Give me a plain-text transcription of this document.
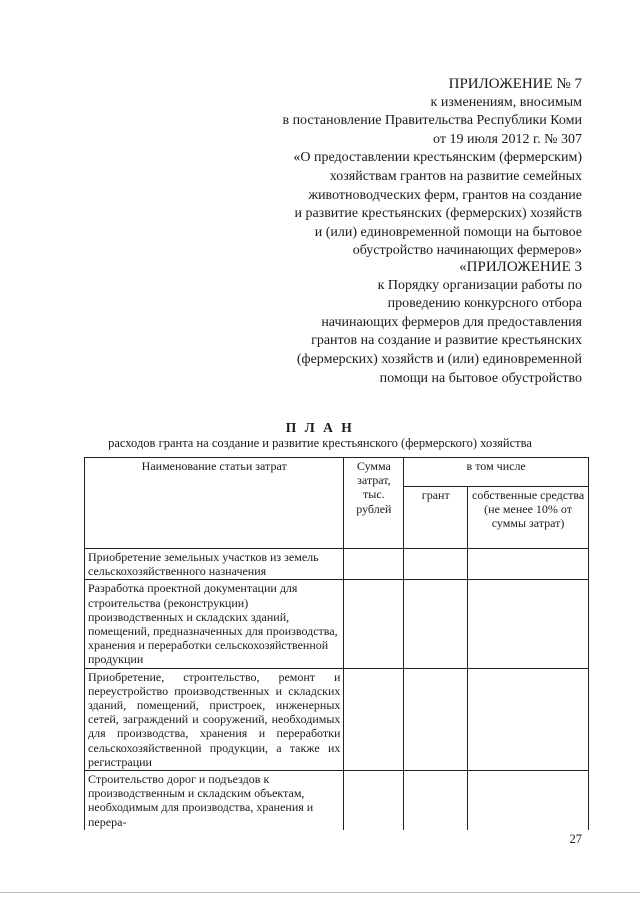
ПРИЛОЖЕНИЕ № 7
к изменениям, вносимым
в постановление Правительства Республики Коми
от 19 июля 2012 г. № 307
«О предоставлении крестьянским (фермерским)
хозяйствам грантов на развитие семейных
животноводческих ферм, грантов на создание
и развитие крестьянских (фермерских) хозяйств
и (или) единовременной помощи на бытовое
обустройство начинающих фермеров»
«ПРИЛОЖЕНИЕ 3
к Порядку организации работы по
проведению конкурсного отбора
начинающих фермеров для предоставления
грантов на создание и развитие крестьянских
(фермерских) хозяйств и (или) единовременной
помощи на бытовое обустройство
П Л А Н
расходов гранта на создание и развитие крестьянского (фермерского) хозяйства
Наименование статьи затрат	Сумма затрат, тыс. рублей	в том числе	
		грант	собственные средства (не менее 10% от суммы затрат)
Приобретение земельных участков из земель сельскохозяйственного назначения			
Разработка проектной документации для строительства (реконструкции) производственных и складских зданий, помещений, предназначенных для производства, хранения и переработки сельскохозяйственной продукции			
Приобретение, строительство, ремонт и переустройство производственных и складских зданий, помещений, пристроек, инженерных сетей, заграждений и сооружений, необходимых для производства, хранения и переработки сельскохозяйственной продукции, а также их регистрации			
Строительство дорог и подъездов к производственным и складским объектам, необходимым для производства, хранения и перера-			
27
